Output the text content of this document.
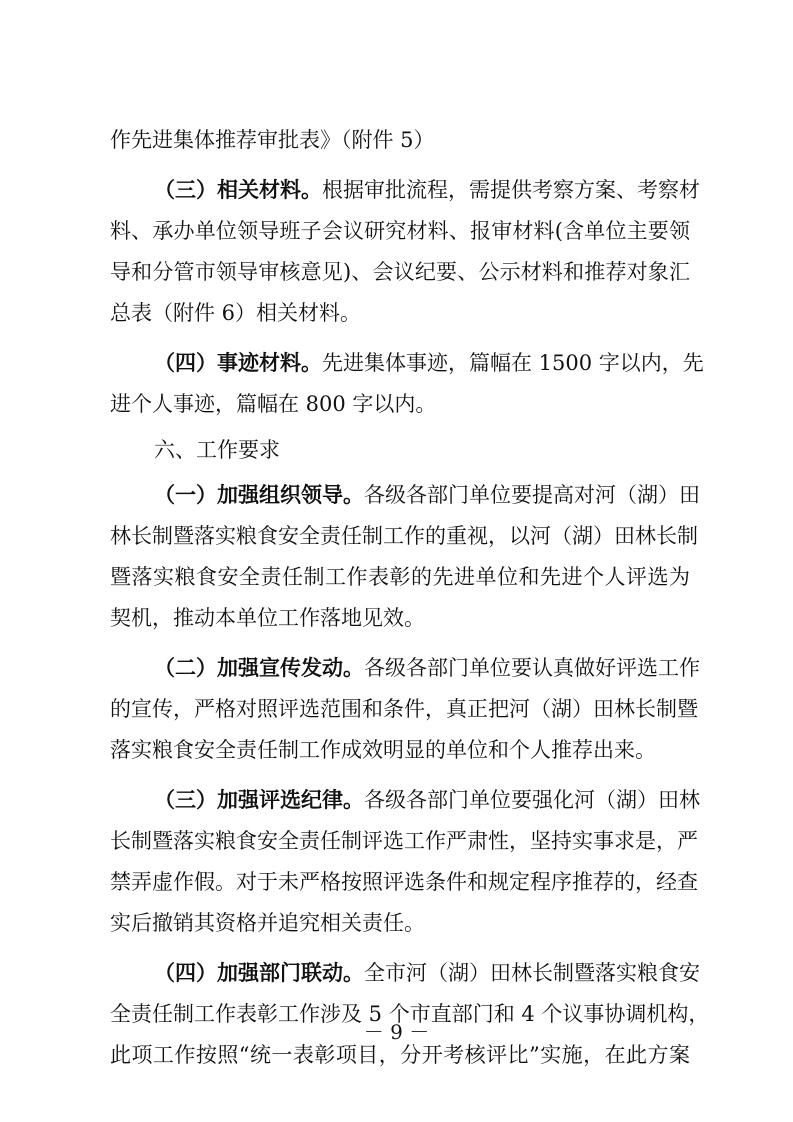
作先进集体推荐审批表》（附件 5）
（三）相关材料。根据审批流程，需提供考察方案、考察材
料、承办单位领导班子会议研究材料、报审材料(含单位主要领
导和分管市领导审核意见)、会议纪要、公示材料和推荐对象汇
总表（附件 6）相关材料。
（四）事迹材料。先进集体事迹，篇幅在 1500 字以内，先
进个人事迹，篇幅在 800 字以内。
六、工作要求
（一）加强组织领导。各级各部门单位要提高对河（湖）田
林长制暨落实粮食安全责任制工作的重视，以河（湖）田林长制
暨落实粮食安全责任制工作表彰的先进单位和先进个人评选为
契机，推动本单位工作落地见效。
（二）加强宣传发动。各级各部门单位要认真做好评选工作
的宣传，严格对照评选范围和条件，真正把河（湖）田林长制暨
落实粮食安全责任制工作成效明显的单位和个人推荐出来。
（三）加强评选纪律。各级各部门单位要强化河（湖）田林
长制暨落实粮食安全责任制评选工作严肃性，坚持实事求是，严
禁弄虚作假。对于未严格按照评选条件和规定程序推荐的，经查
实后撤销其资格并追究相关责任。
（四）加强部门联动。全市河（湖）田林长制暨落实粮食安
全责任制工作表彰工作涉及 5 个市直部门和 4 个议事协调机构，
此项工作按照“统一表彰项目，分开考核评比”实施，在此方案
－ 9 －
